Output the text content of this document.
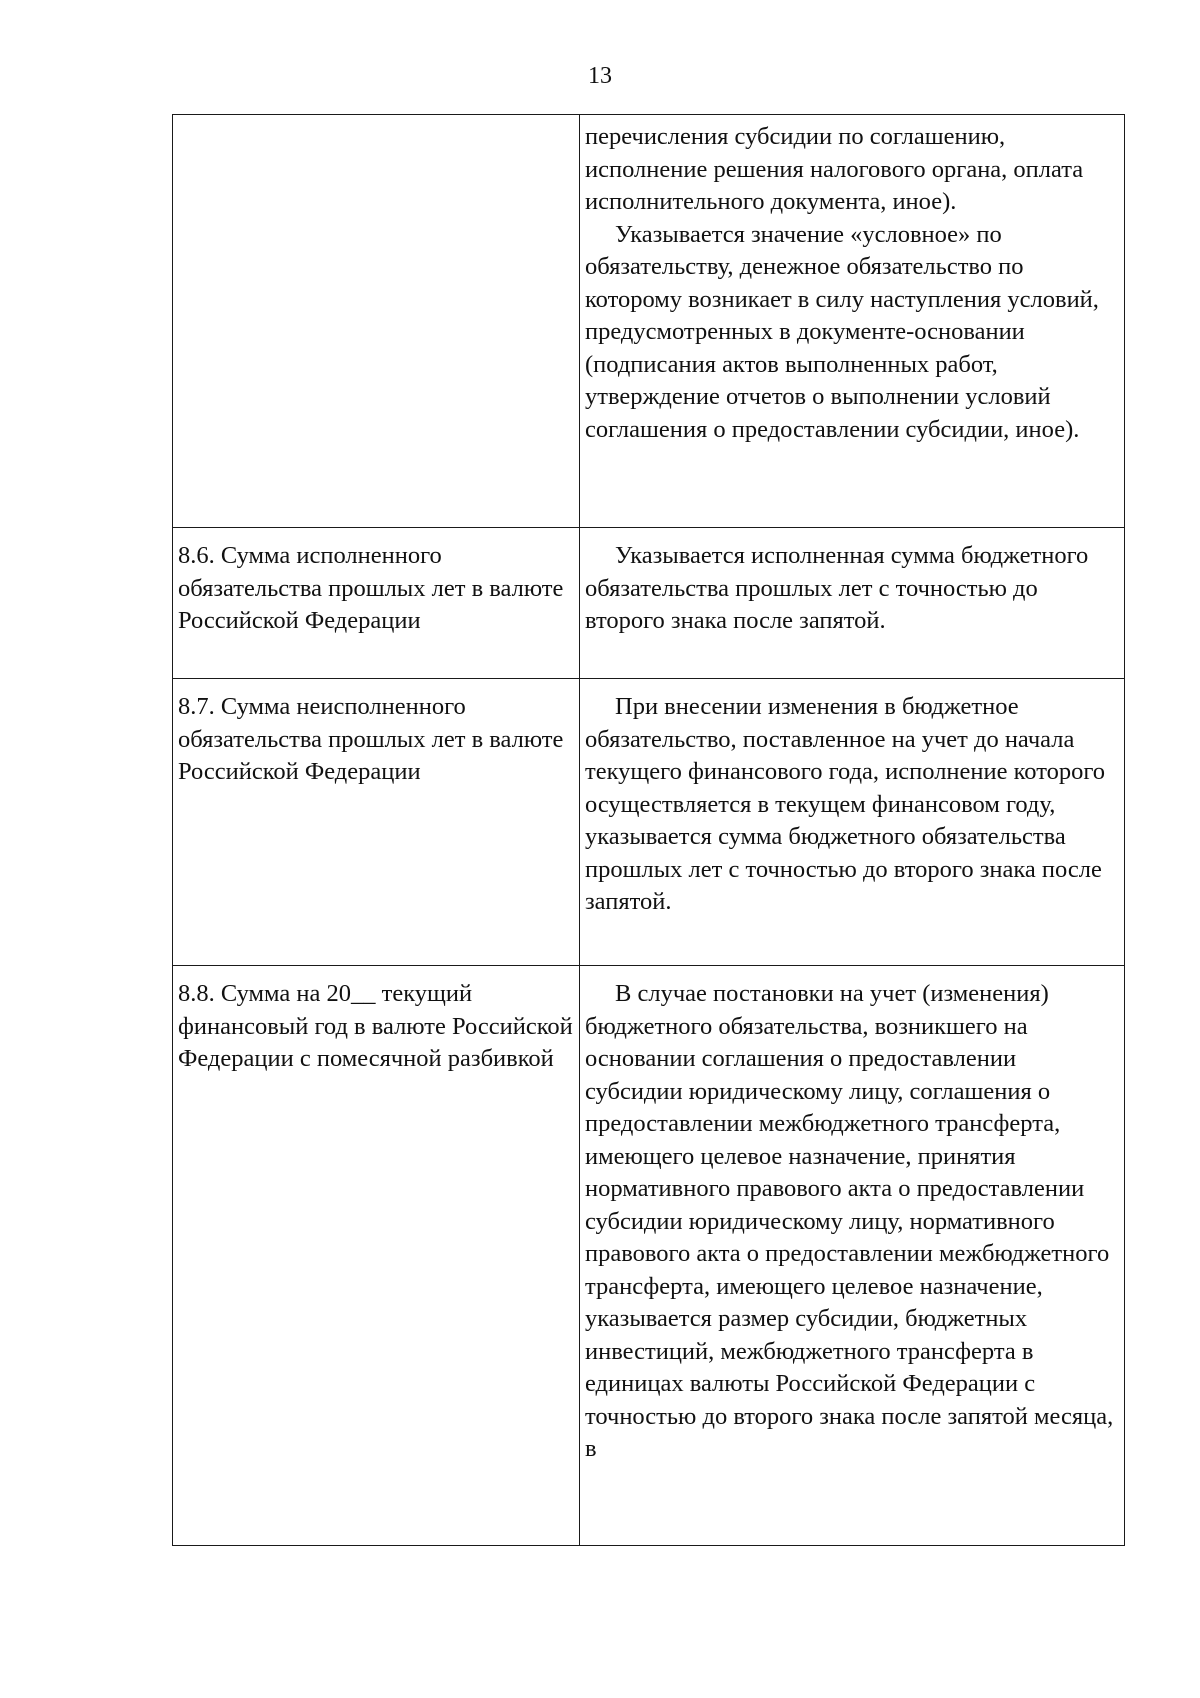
13

	перечисления субсидии по соглашению, исполнение решения налогового органа, оплата исполнительного документа, иное).

Указывается значение «условное» по обязательству, денежное обязательство по которому возникает в силу наступления условий, предусмотренных в документе-основании (подписания актов выполненных работ, утверждение отчетов о выполнении условий соглашения о предоставлении субсидии, иное).

8.6. Сумма исполненного обязательства прошлых лет в валюте Российской Федерации	Указывается исполненная сумма бюджетного обязательства прошлых лет с точностью до второго знака после запятой.

8.7. Сумма неисполненного обязательства прошлых лет в валюте Российской Федерации	При внесении изменения в бюджетное обязательство, поставленное на учет до начала текущего финансового года, исполнение которого осуществляется в текущем финансовом году, указывается сумма бюджетного обязательства прошлых лет с точностью до второго знака после запятой.

8.8. Сумма на 20__ текущий финансовый год в валюте Российской Федерации с помесячной разбивкой	В случае постановки на учет (изменения) бюджетного обязательства, возникшего на основании соглашения о предоставлении субсидии юридическому лицу, соглашения о предоставлении межбюджетного трансферта, имеющего целевое назначение, принятия нормативного правового акта о предоставлении субсидии юридическому лицу, нормативного правового акта о предоставлении межбюджетного трансферта, имеющего целевое назначение, указывается размер субсидии, бюджетных инвестиций, межбюджетного трансферта в единицах валюты Российской Федерации с точностью до второго знака после запятой месяца, в
